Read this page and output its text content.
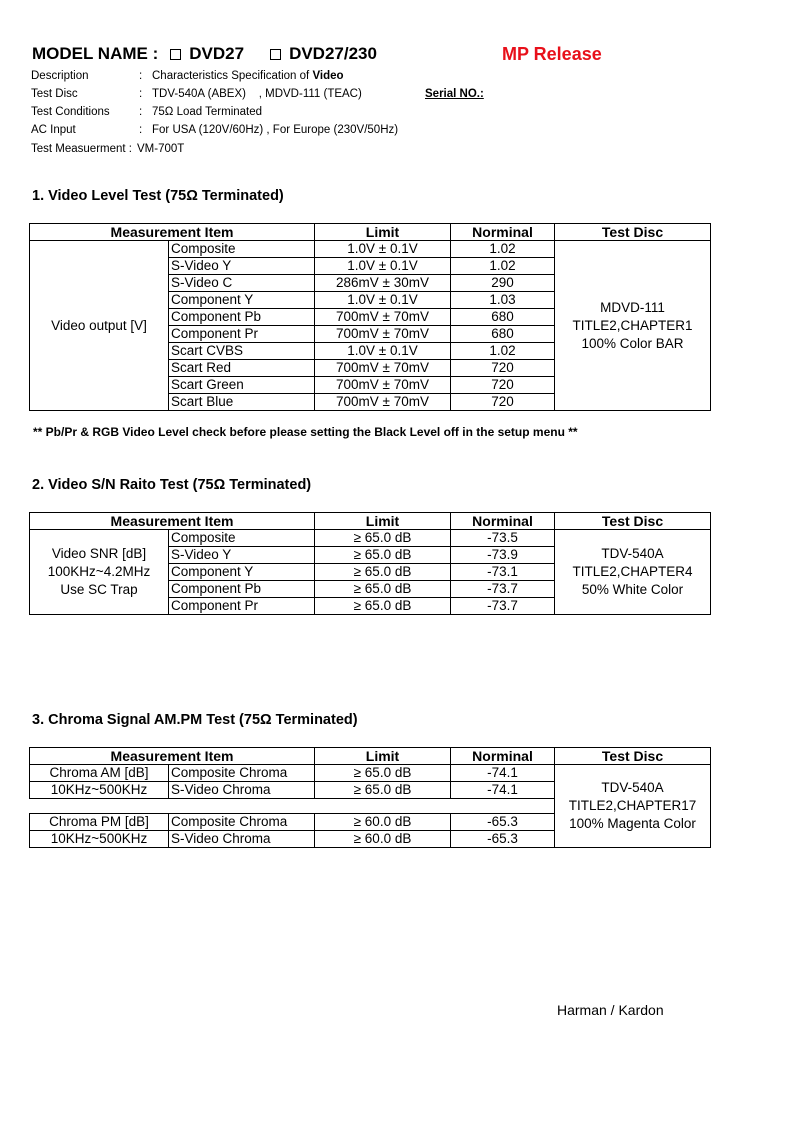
MODEL NAME : DVD27	DVD27/230	MP Release
Description	: Characteristics Specification of Video
Test Disc	: TDV-540A (ABEX)    , MDVD-111 (TEAC)	Serial NO.:
Test Conditions	: 75Ω Load Terminated
AC Input	: For USA (120V/60Hz) , For Europe (230V/50Hz)
Test Measuerment : VM-700T
1. Video Level Test (75Ω Terminated)
Measurement Item		Limit	Norminal	Test Disc
Video output [V]	Composite	1.0V ± 0.1V	1.02	MDVD-111
TITLE2,CHAPTER1
100% Color BAR
	S-Video Y	1.0V ± 0.1V	1.02	
	S-Video C	286mV ± 30mV	290	
	Component Y	1.0V ± 0.1V	1.03	
	Component Pb	700mV ± 70mV	680	
	Component Pr	700mV ± 70mV	680	
	Scart CVBS	1.0V ± 0.1V	1.02	
	Scart Red	700mV ± 70mV	720	
	Scart Green	700mV ± 70mV	720	
	Scart Blue	700mV ± 70mV	720	
** Pb/Pr & RGB Video Level check before please setting the Black Level off in the setup menu **
2. Video S/N Raito Test (75Ω Terminated)
Measurement Item		Limit	Norminal	Test Disc
Video SNR [dB]
100KHz~4.2MHz
Use SC Trap	Composite	≥ 65.0 dB	-73.5	TDV-540A
TITLE2,CHAPTER4
50% White Color
	S-Video Y	≥ 65.0 dB	-73.9	
	Component Y	≥ 65.0 dB	-73.1	
	Component Pb	≥ 65.0 dB	-73.7	
	Component Pr	≥ 65.0 dB	-73.7	
3. Chroma Signal AM.PM Test (75Ω Terminated)
Measurement Item		Limit	Norminal	Test Disc
Chroma AM [dB]	Composite Chroma	≥ 65.0 dB	-74.1	TDV-540A
TITLE2,CHAPTER17
100% Magenta Color
10KHz~500KHz	S-Video Chroma	≥ 65.0 dB	-74.1	

Chroma PM [dB]	Composite Chroma	≥ 60.0 dB	-65.3	
10KHz~500KHz	S-Video Chroma	≥ 60.0 dB	-65.3	
Harman / Kardon
